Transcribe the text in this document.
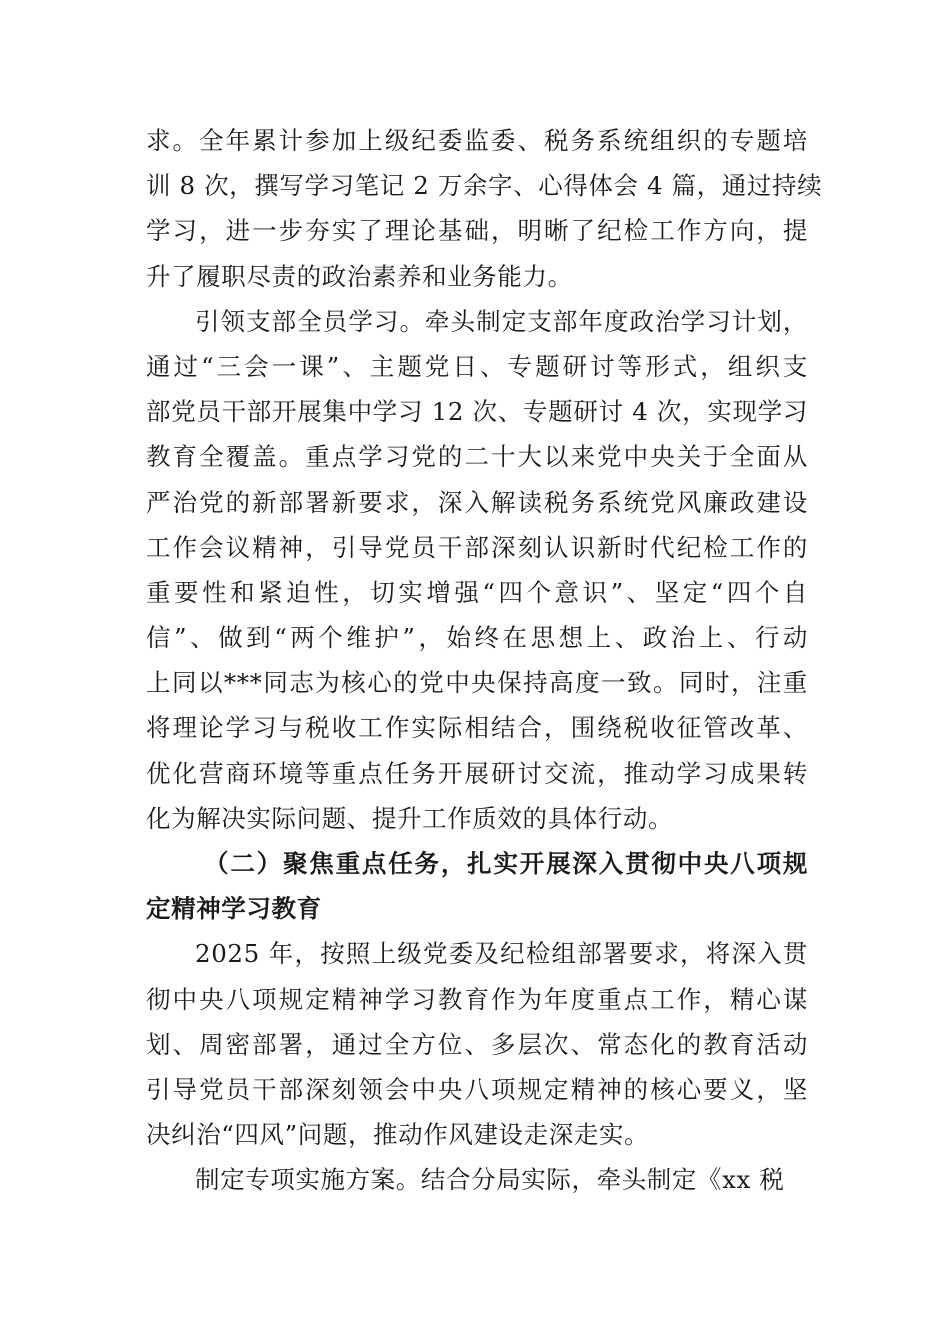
求。全年累计参加上级纪委监委、税务系统组织的专题培
训 8 次，撰写学习笔记 2 万余字、心得体会 4 篇，通过持续
学习，进一步夯实了理论基础，明晰了纪检工作方向，提
升了履职尽责的政治素养和业务能力。
引领支部全员学习。牵头制定支部年度政治学习计划，
通过“三会一课”、主题党日、专题研讨等形式，组织支
部党员干部开展集中学习 12 次、专题研讨 4 次，实现学习
教育全覆盖。重点学习党的二十大以来党中央关于全面从
严治党的新部署新要求，深入解读税务系统党风廉政建设
工作会议精神，引导党员干部深刻认识新时代纪检工作的
重要性和紧迫性，切实增强“四个意识”、坚定“四个自
信”、做到“两个维护”，始终在思想上、政治上、行动
上同以***同志为核心的党中央保持高度一致。同时，注重
将理论学习与税收工作实际相结合，围绕税收征管改革、
优化营商环境等重点任务开展研讨交流，推动学习成果转
化为解决实际问题、提升工作质效的具体行动。
（二）聚焦重点任务，扎实开展深入贯彻中央八项规
定精神学习教育
2025 年，按照上级党委及纪检组部署要求，将深入贯
彻中央八项规定精神学习教育作为年度重点工作，精心谋
划、周密部署，通过全方位、多层次、常态化的教育活动
引导党员干部深刻领会中央八项规定精神的核心要义，坚
决纠治“四风”问题，推动作风建设走深走实。
制定专项实施方案。结合分局实际，牵头制定《xx 税
